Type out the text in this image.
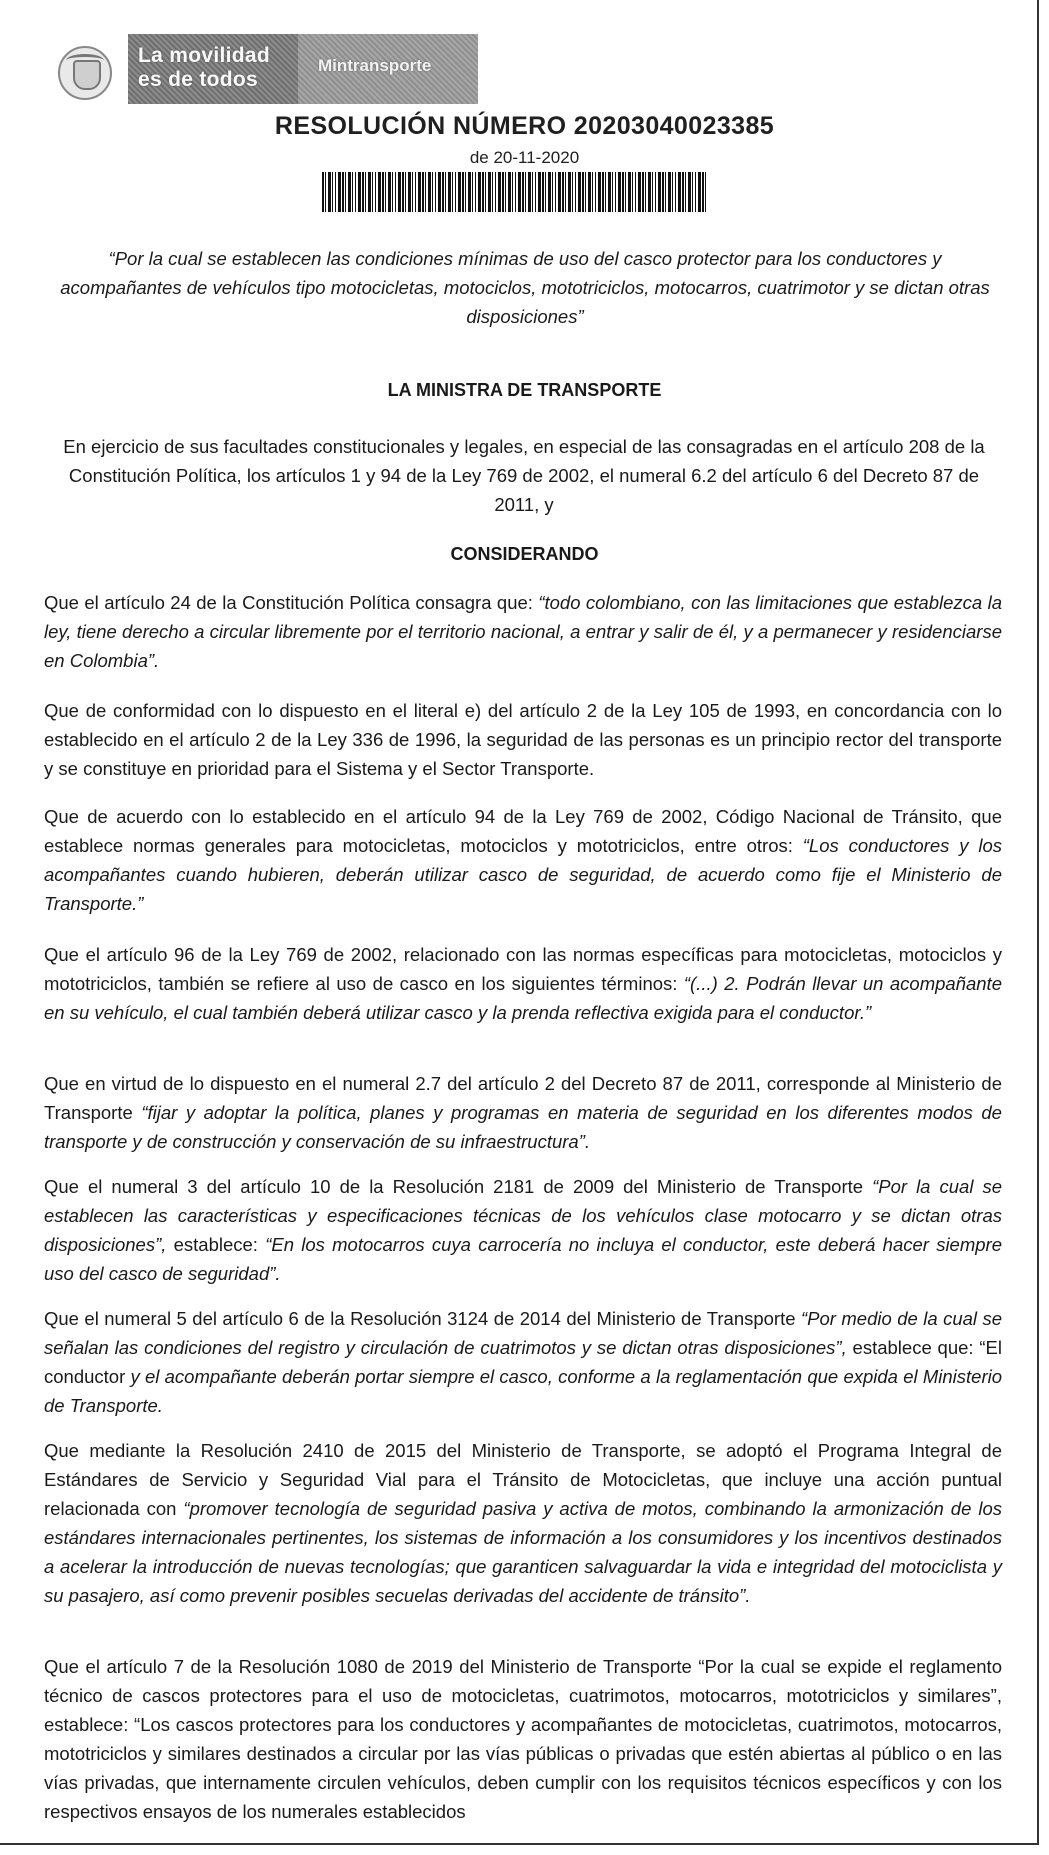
La movilidad
es de todos
Mintransporte
RESOLUCIÓN NÚMERO 20203040023385
de 20-11-2020
“Por la cual se establecen las condiciones mínimas de uso del casco protector para los conductores y acompañantes de vehículos tipo motocicletas, motociclos, mototriciclos, motocarros, cuatrimotor y se dictan otras disposiciones”
LA MINISTRA DE TRANSPORTE
En ejercicio de sus facultades constitucionales y legales, en especial de las consagradas en el artículo 208 de la Constitución Política, los artículos 1 y 94 de la Ley 769 de 2002, el numeral 6.2 del artículo 6 del Decreto 87 de 2011, y
CONSIDERANDO
Que el artículo 24 de la Constitución Política consagra que: “todo colombiano, con las limitaciones que establezca la ley, tiene derecho a circular libremente por el territorio nacional, a entrar y salir de él, y a permanecer y residenciarse en Colombia”.
Que de conformidad con lo dispuesto en el literal e) del artículo 2 de la Ley 105 de 1993, en concordancia con lo establecido en el artículo 2 de la Ley 336 de 1996, la seguridad de las personas es un principio rector del transporte y se constituye en prioridad para el Sistema y el Sector Transporte.
Que de acuerdo con lo establecido en el artículo 94 de la Ley 769 de 2002, Código Nacional de Tránsito, que establece normas generales para motocicletas, motociclos y mototriciclos, entre otros: “Los conductores y los acompañantes cuando hubieren, deberán utilizar casco de seguridad, de acuerdo como fije el Ministerio de Transporte.”
Que el artículo 96 de la Ley 769 de 2002, relacionado con las normas específicas para motocicletas, motociclos y mototriciclos, también se refiere al uso de casco en los siguientes términos: “(...) 2. Podrán llevar un acompañante en su vehículo, el cual también deberá utilizar casco y la prenda reflectiva exigida para el conductor.”
Que en virtud de lo dispuesto en el numeral 2.7 del artículo 2 del Decreto 87 de 2011, corresponde al Ministerio de Transporte “fijar y adoptar la política, planes y programas en materia de seguridad en los diferentes modos de transporte y de construcción y conservación de su infraestructura”.
Que el numeral 3 del artículo 10 de la Resolución 2181 de 2009 del Ministerio de Transporte “Por la cual se establecen las características y especificaciones técnicas de los vehículos clase motocarro y se dictan otras disposiciones”, establece: “En los motocarros cuya carrocería no incluya el conductor, este deberá hacer siempre uso del casco de seguridad”.
Que el numeral 5 del artículo 6 de la Resolución 3124 de 2014 del Ministerio de Transporte “Por medio de la cual se señalan las condiciones del registro y circulación de cuatrimotos y se dictan otras disposiciones”, establece que: “El conductor y el acompañante deberán portar siempre el casco, conforme a la reglamentación que expida el Ministerio de Transporte.
Que mediante la Resolución 2410 de 2015 del Ministerio de Transporte, se adoptó el Programa Integral de Estándares de Servicio y Seguridad Vial para el Tránsito de Motocicletas, que incluye una acción puntual relacionada con “promover tecnología de seguridad pasiva y activa de motos, combinando la armonización de los estándares internacionales pertinentes, los sistemas de información a los consumidores y los incentivos destinados a acelerar la introducción de nuevas tecnologías; que garanticen salvaguardar la vida e integridad del motociclista y su pasajero, así como prevenir posibles secuelas derivadas del accidente de tránsito”.
Que el artículo 7 de la Resolución 1080 de 2019 del Ministerio de Transporte “Por la cual se expide el reglamento técnico de cascos protectores para el uso de motocicletas, cuatrimotos, motocarros, mototriciclos y similares”, establece: “Los cascos protectores para los conductores y acompañantes de motocicletas, cuatrimotos, motocarros, mototriciclos y similares destinados a circular por las vías públicas o privadas que estén abiertas al público o en las vías privadas, que internamente circulen vehículos, deben cumplir con los requisitos técnicos específicos y con los respectivos ensayos de los numerales establecidos
